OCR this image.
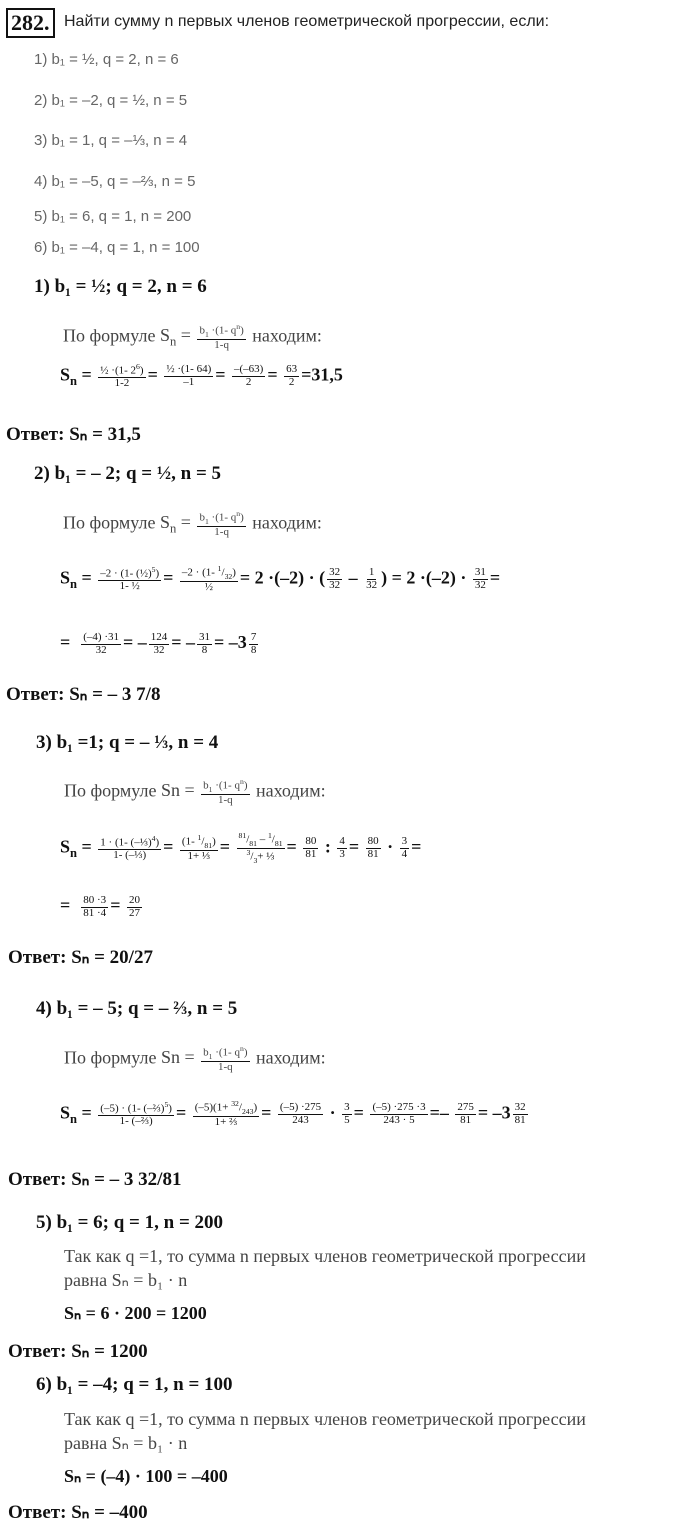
282. Найти сумму n первых членов геометрической прогрессии, если:
1) b₁ = ½, q = 2, n = 6
2) b₁ = –2, q = ½, n = 5
3) b₁ = 1, q = –⅓, n = 4
4) b₁ = –5, q = –⅔, n = 5
5) b₁ = 6, q = 1, n = 200
6) b₁ = –4, q = 1, n = 100
1) b₁ = ½; q = 2, n = 6
По формуле $S_n = \frac{b_1 \cdot(1- q^n)}{1-q}$ находим:
$S_n = \frac{\frac{1}{2} \cdot(1- 2^6)}{1-2} = \frac{\text{½ ·(1- 64)}}{-1} = \frac{-(-63)}{2} = \frac{63}{2} =31,5$
Ответ: Sₙ = 31,5
2) b₁ = – 2; q = ½, n = 5
По формуле $S_n = \frac{b_1 \cdot(1- q^n)}{1-q}$ находим:
$S_n = \frac{-2 \cdot (1- (\frac{1}{2})^5)}{\text{1- ½}} = \frac{-2 \cdot (1- ^1/_{32})}{\text{½}} = 2 \cdot(-2)$ · ( $\frac{32}{32} - \frac{1}{32}$ ) = $2 \cdot(-2) \cdot \frac{31}{32}$ =
= $\frac{(-4) \cdot 31}{32}$ = – $\frac{124}{32}$ = – $\frac{31}{8} = -3 \frac{7}{8}$
Ответ: Sₙ = – 3 7/8
3) b₁ =1; q = – ⅓, n = 4
По формуле $Sn = \frac{b_1 \cdot(1- q^n)}{1-q}$ находим:
$S_n = \frac{1 \cdot (1- (-\frac{1}{3})^4)}{\text{1- (–⅓)}} = \frac{(1- ^1/_{81})}{\text{1+ ⅓}} = \frac{^{81}/_{81} - ^1/_{81}}{^3/_3+ \frac{1}{3}} = \frac{80}{81}$ : $\frac{4}{3} = \frac{80}{81} \cdot \frac{3}{4}$ =
= $\frac{80 \cdot 3}{81 \cdot 4} = \frac{20}{27}$
Ответ: Sₙ = 20/27
4) b₁ = – 5; q = – ⅔, n = 5
По формуле $Sn = \frac{b_1 \cdot(1- q^n)}{1-q}$ находим:
$S_n = \frac{(-5) \cdot (1- (-\frac{2}{3})^5)}{\text{1- (–⅔)}} = \frac{(-5)(1+ ^{32}/_{243})}{\text{1+ ⅔}} = \frac{(-5) \cdot 275}{243} \cdot \frac{3}{5} = \frac{(-5) \cdot 275 \cdot 3}{243 \cdot 5} =- \frac{275}{81} = -3 \frac{32}{81}$
Ответ: Sₙ = – 3 32/81
5) b₁ = 6; q = 1, n = 200
Так как q =1, то сумма n первых членов геометрической прогрессии
равна Sₙ = b₁ · n
Sₙ = 6 · 200 = 1200
Ответ: Sₙ = 1200
6) b₁ = –4; q = 1, n = 100
Так как q =1, то сумма n первых членов геометрической прогрессии
равна Sₙ = b₁ · n
Sₙ = (–4) · 100 = –400
Ответ: Sₙ = –400
